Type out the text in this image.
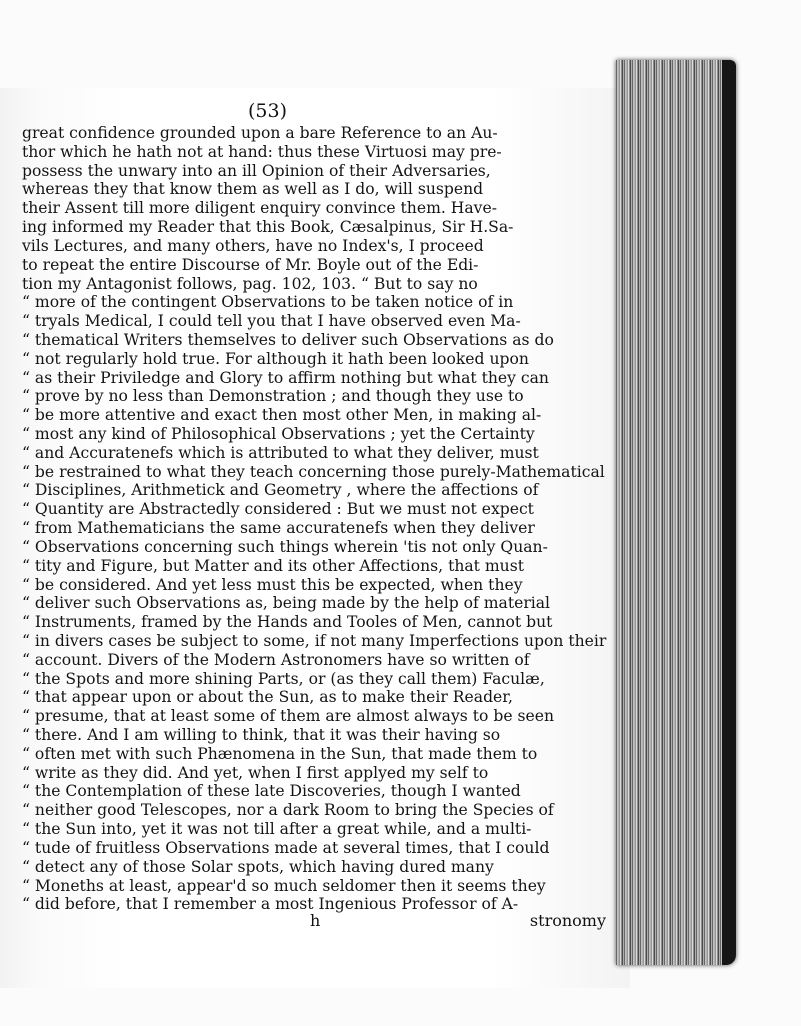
(53)
great confidence grounded upon a bare Reference to an Au-
thor which he hath not at hand: thus these Virtuosi may pre-
possess the unwary into an ill Opinion of their Adversaries,
whereas they that know them as well as I do, will suspend
their Assent till more diligent enquiry convince them. Have-
ing informed my Reader that this Book, Cæsalpinus, Sir H.Sa-
vils Lectures, and many others, have no Index's, I proceed
to repeat the entire Discourse of Mr. Boyle out of the Edi-
tion my Antagonist follows, pag. 102, 103. “ But to say no
“ more of the contingent Observations to be taken notice of in
“ tryals Medical, I could tell you that I have observed even Ma-
“ thematical Writers themselves to deliver such Observations as do
“ not regularly hold true. For although it hath been looked upon
“ as their Priviledge and Glory to affirm nothing but what they can
“ prove by no less than Demonstration ; and though they use to
“ be more attentive and exact then most other Men, in making al-
“ most any kind of Philosophical Observations ; yet the Certainty
“ and Accuratenefs which is attributed to what they deliver, must
“ be restrained to what they teach concerning those purely-Mathematical
“ Disciplines, Arithmetick and Geometry , where the affections of
“ Quantity are Abstractedly considered : But we must not expect
“ from Mathematicians the same accuratenefs when they deliver
“ Observations concerning such things wherein 'tis not only Quan-
“ tity and Figure, but Matter and its other Affections, that must
“ be considered. And yet less must this be expected, when they
“ deliver such Observations as, being made by the help of material
“ Instruments, framed by the Hands and Tooles of Men, cannot but
“ in divers cases be subject to some, if not many Imperfections upon their
“ account. Divers of the Modern Astronomers have so written of
“ the Spots and more shining Parts, or (as they call them) Faculæ,
“ that appear upon or about the Sun, as to make their Reader,
“ presume, that at least some of them are almost always to be seen
“ there. And I am willing to think, that it was their having so
“ often met with such Phænomena in the Sun, that made them to
“ write as they did. And yet, when I first applyed my self to
“ the Contemplation of these late Discoveries, though I wanted
“ neither good Telescopes, nor a dark Room to bring the Species of
“ the Sun into, yet it was not till after a great while, and a multi-
“ tude of fruitless Observations made at several times, that I could
“ detect any of those Solar spots, which having dured many
“ Moneths at least, appear'd so much seldomer then it seems they
“ did before, that I remember a most Ingenious Professor of A-
h	stronomy
